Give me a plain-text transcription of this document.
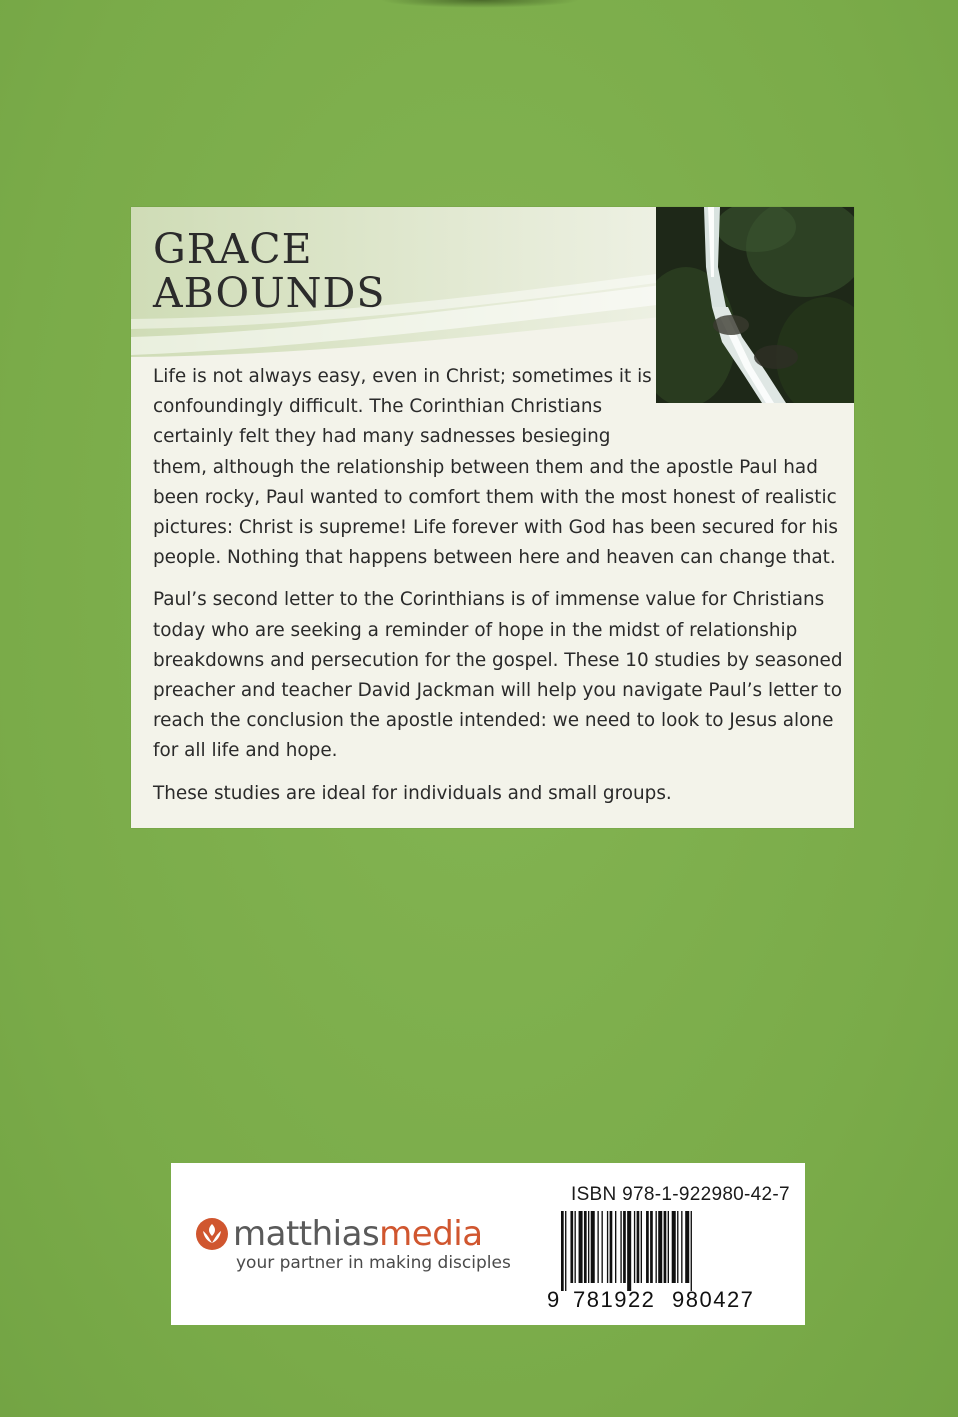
GRACE
ABOUNDS

Life is not always easy, even in Christ; sometimes it is confoundingly difficult. The Corinthian Christians certainly felt they had many sadnesses besieging them, although the relationship between them and the apostle Paul had been rocky, Paul wanted to comfort them with the most honest of realistic pictures: Christ is supreme! Life forever with God has been secured for his people. Nothing that happens between here and heaven can change that.

Paul’s second letter to the Corinthians is of immense value for Christians today who are seeking a reminder of hope in the midst of relationship breakdowns and persecution for the gospel. These 10 studies by seasoned preacher and teacher David Jackman will help you navigate Paul’s letter to reach the conclusion the apostle intended: we need to look to Jesus alone for all life and hope.

These studies are ideal for individuals and small groups.

matthiasmedia
your partner in making disciples
ISBN 978-1-922980-42-7
9 781922 980427
